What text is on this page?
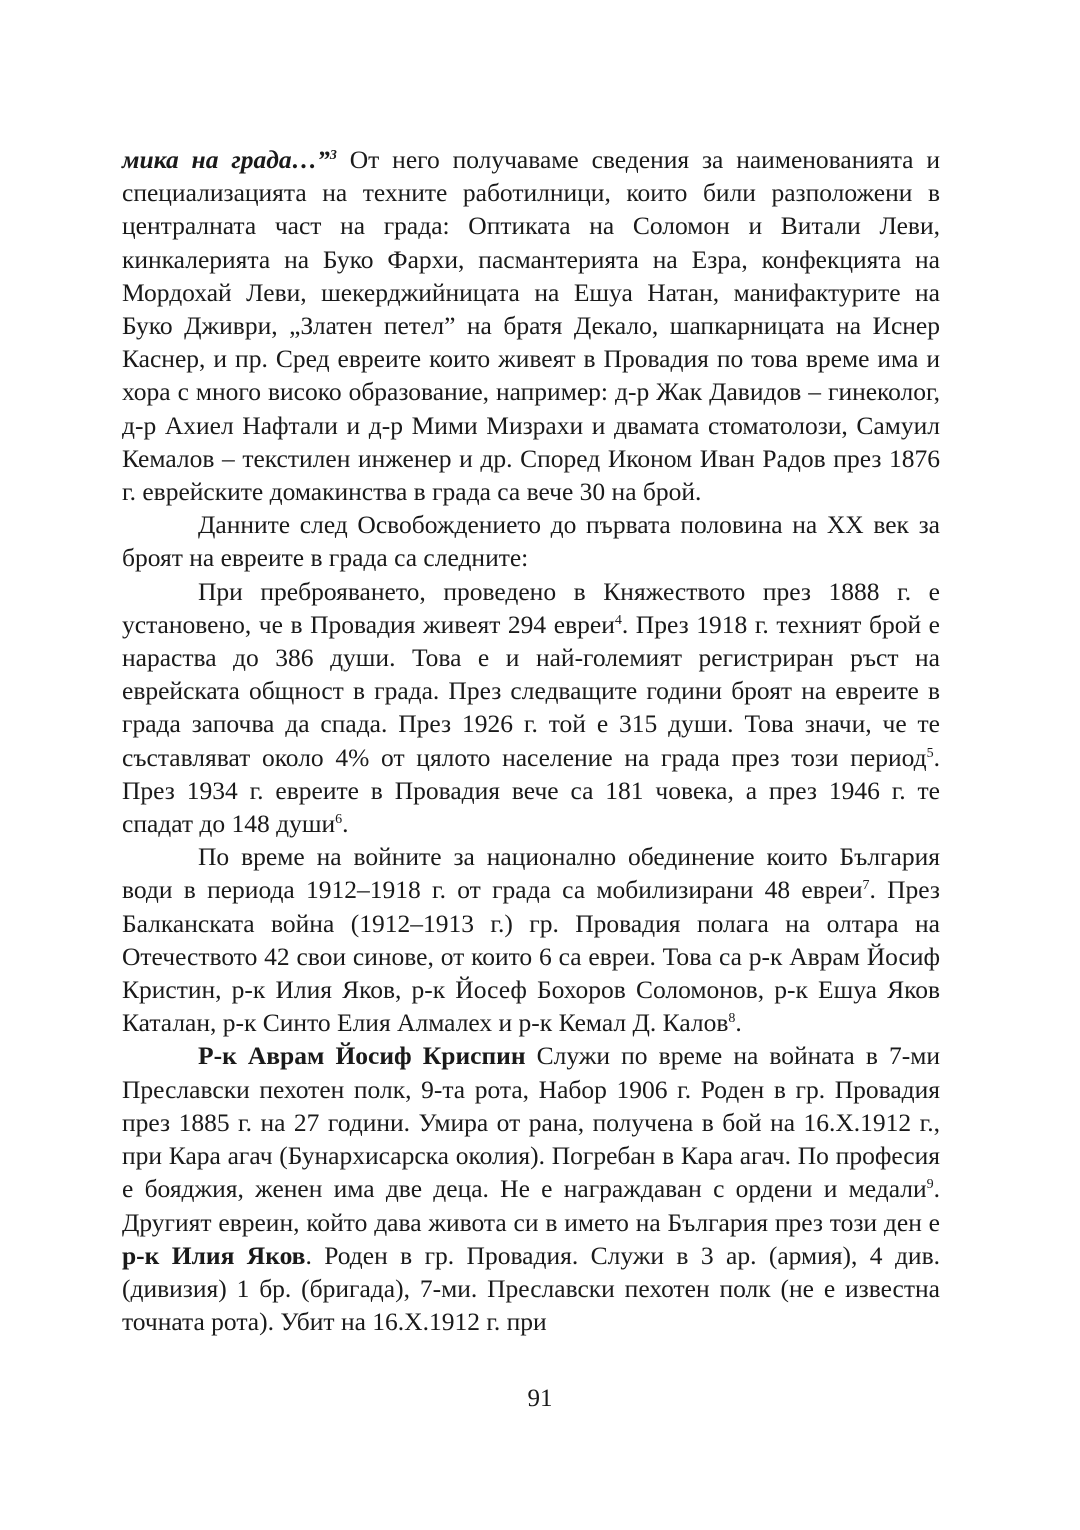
мика на града…”$^3$ От него получаваме сведения за наименованията и специализацията на техните работилници, които били разположени в централната част на града: Оптиката на Соломон и Витали Леви, кинкалерията на Буко Фархи, пасмантерията на Езра, конфекцията на Мордохай Леви, шекерджийницата на Ешуа Натан, манифактурите на Буко Дживри, „Златен петел” на братя Декало, шапкарницата на Иснер Каснер, и пр. Сред евреите които живеят в Провадия по това време има и хора с много високо образование, например: д-р Жак Давидов – гинеколог, д-р Ахиел Нафтали и д-р Мими Мизрахи и двамата стоматолози, Самуил Кемалов – текстилен инженер и др. Според Иконом Иван Радов през 1876 г. еврейските домакинства в града са вече 30 на брой.

Данните след Освобождението до първата половина на XX век за броят на евреите в града са следните:

При преброяването, проведено в Княжеството през 1888 г. е установено, че в Провадия живеят 294 евреи$^4$. През 1918 г. техният брой е нараства до 386 души. Това е и най-големият регистриран ръст на еврейската общност в града. През следващите години броят на евреите в града започва да спада. През 1926 г. той е 315 души. Това значи, че те съставляват около 4% от цялото население на града през този период$^5$. През 1934 г. евреите в Провадия вече са 181 човека, а през 1946 г. те спадат до 148 души$^6$.

По време на войните за национално обединение които България води в периода 1912–1918 г. от града са мобилизирани 48 евреи$^7$. През Балканската война (1912–1913 г.) гр. Провадия полага на олтара на Отечеството 42 свои синове, от които 6 са евреи. Това са р-к Аврам Йосиф Кристин, р-к Илия Яков, р-к Йосеф Бохоров Соломонов, р-к Ешуа Яков Каталан, р-к Синто Елия Алмалех и р-к Кемал Д. Калов$^8$.

Р-к Аврам Йосиф Криспин Служи по време на войната в 7-ми Преславски пехотен полк, 9-та рота, Набор 1906 г. Роден в гр. Провадия през 1885 г. на 27 години. Умира от рана, получена в бой на 16.X.1912 г., при Кара агач (Бунархисарска околия). Погребан в Кара агач. По професия е бояджия, женен има две деца. Не е награждаван с ордени и медали$^9$. Другият евреин, който дава живота си в името на България през този ден е р-к Илия Яков. Роден в гр. Провадия. Служи в 3 ар. (армия), 4 див. (дивизия) 1 бр. (бригада), 7-ми. Преславски пехотен полк (не е известна точната рота). Убит на 16.X.1912 г. при

91
